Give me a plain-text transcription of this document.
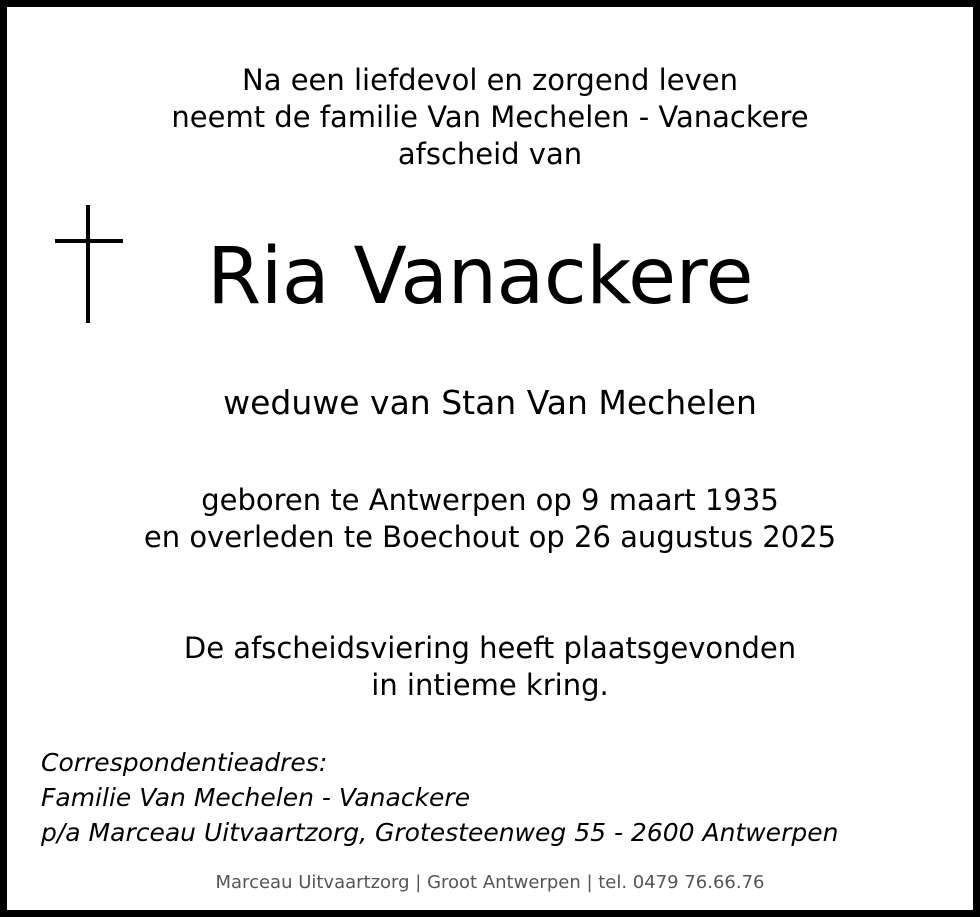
Na een liefdevol en zorgend leven
neemt de familie Van Mechelen - Vanackere
afscheid van
Ria Vanackere
weduwe van Stan Van Mechelen
geboren te Antwerpen op 9 maart 1935
en overleden te Boechout op 26 augustus 2025
De afscheidsviering heeft plaatsgevonden
in intieme kring.
Correspondentieadres:
Familie Van Mechelen - Vanackere
p/a Marceau Uitvaartzorg, Grotesteenweg 55 - 2600 Antwerpen
Marceau Uitvaartzorg | Groot Antwerpen | tel. 0479 76.66.76
